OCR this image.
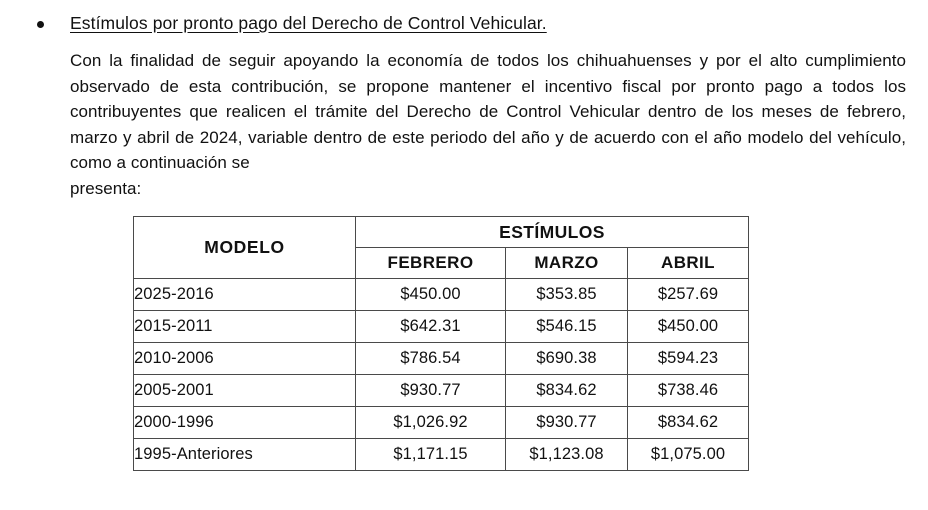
Estímulos por pronto pago del Derecho de Control Vehicular.
Con la finalidad de seguir apoyando la economía de todos los chihuahuenses y por el alto cumplimiento observado de esta contribución, se propone mantener el incentivo fiscal por pronto pago a todos los contribuyentes que realicen el trámite del Derecho de Control Vehicular dentro de los meses de febrero, marzo y abril de 2024, variable dentro de este periodo del año y de acuerdo con el año modelo del vehículo, como a continuación se
presenta:
MODELO	ESTÍMULOS		
	FEBRERO	MARZO	ABRIL
2025-2016	$450.00	$353.85	$257.69
2015-2011	$642.31	$546.15	$450.00
2010-2006	$786.54	$690.38	$594.23
2005-2001	$930.77	$834.62	$738.46
2000-1996	$1,026.92	$930.77	$834.62
1995-Anteriores	$1,171.15	$1,123.08	$1,075.00
